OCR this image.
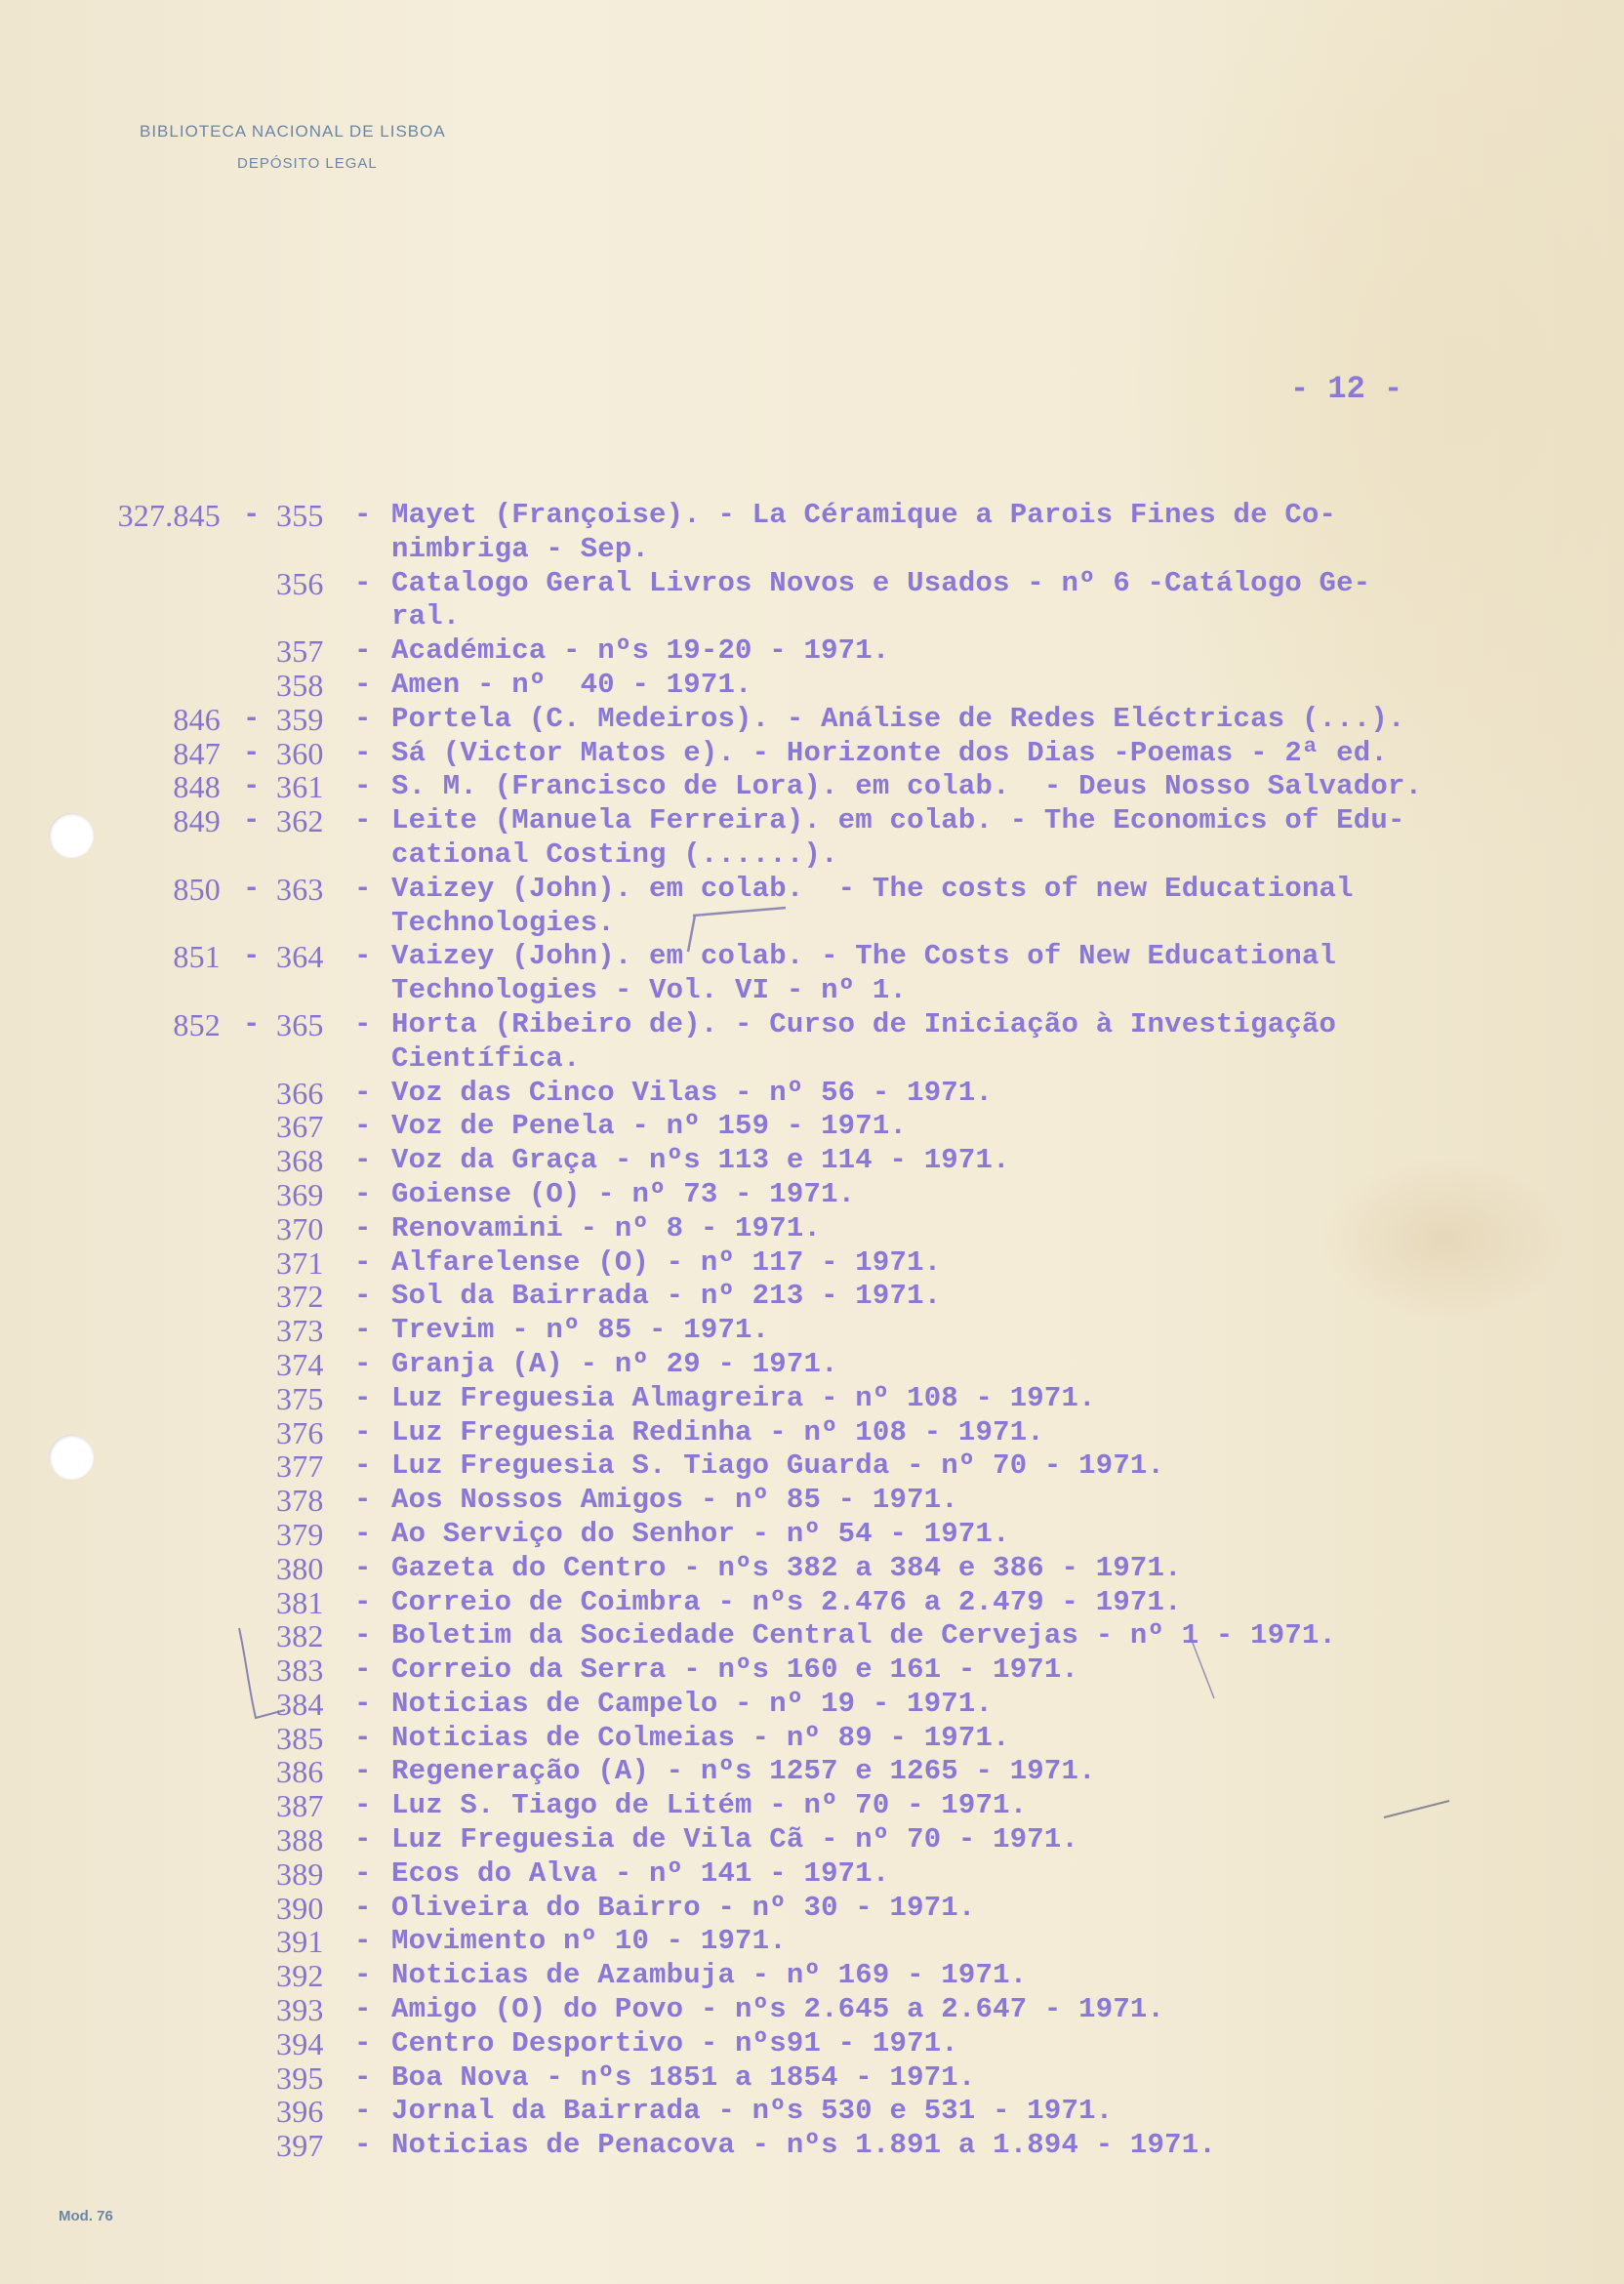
BIBLIOTECA NACIONAL DE LISBOA
DEPÓSITO LEGAL
- 12 -
327.845 - 355 - Mayet (Françoise). - La Céramique a Parois Fines de Co-
nimbriga - Sep.
356 - Catalogo Geral Livros Novos e Usados - nº 6 -Catálogo Ge-
ral.
357 - Académica - nºs 19-20 - 1971.
358 - Amen - nº  40 - 1971.
846 - 359 - Portela (C. Medeiros). - Análise de Redes Eléctricas (...).
847 - 360 - Sá (Victor Matos e). - Horizonte dos Dias -Poemas - 2ª ed.
848 - 361 - S. M. (Francisco de Lora). em colab.  - Deus Nosso Salvador.
849 - 362 - Leite (Manuela Ferreira). em colab. - The Economics of Edu-
cational Costing (......).
850 - 363 - Vaizey (John). em colab.  - The costs of new Educational
Technologies.
851 - 364 - Vaizey (John). em colab. - The Costs of New Educational
Technologies - Vol. VI - nº 1.
852 - 365 - Horta (Ribeiro de). - Curso de Iniciação à Investigação
Científica.
366 - Voz das Cinco Vilas - nº 56 - 1971.
367 - Voz de Penela - nº 159 - 1971.
368 - Voz da Graça - nºs 113 e 114 - 1971.
369 - Goiense (O) - nº 73 - 1971.
370 - Renovamini - nº 8 - 1971.
371 - Alfarelense (O) - nº 117 - 1971.
372 - Sol da Bairrada - nº 213 - 1971.
373 - Trevim - nº 85 - 1971.
374 - Granja (A) - nº 29 - 1971.
375 - Luz Freguesia Almagreira - nº 108 - 1971.
376 - Luz Freguesia Redinha - nº 108 - 1971.
377 - Luz Freguesia S. Tiago Guarda - nº 70 - 1971.
378 - Aos Nossos Amigos - nº 85 - 1971.
379 - Ao Serviço do Senhor - nº 54 - 1971.
380 - Gazeta do Centro - nºs 382 a 384 e 386 - 1971.
381 - Correio de Coimbra - nºs 2.476 a 2.479 - 1971.
382 - Boletim da Sociedade Central de Cervejas - nº 1 - 1971.
383 - Correio da Serra - nºs 160 e 161 - 1971.
384 - Noticias de Campelo - nº 19 - 1971.
385 - Noticias de Colmeias - nº 89 - 1971.
386 - Regeneração (A) - nºs 1257 e 1265 - 1971.
387 - Luz S. Tiago de Litém - nº 70 - 1971.
388 - Luz Freguesia de Vila Cã - nº 70 - 1971.
389 - Ecos do Alva - nº 141 - 1971.
390 - Oliveira do Bairro - nº 30 - 1971.
391 - Movimento nº 10 - 1971.
392 - Noticias de Azambuja - nº 169 - 1971.
393 - Amigo (O) do Povo - nºs 2.645 a 2.647 - 1971.
394 - Centro Desportivo - nºs91 - 1971.
395 - Boa Nova - nºs 1851 a 1854 - 1971.
396 - Jornal da Bairrada - nºs 530 e 531 - 1971.
397 - Noticias de Penacova - nºs 1.891 a 1.894 - 1971.
Mod. 76
